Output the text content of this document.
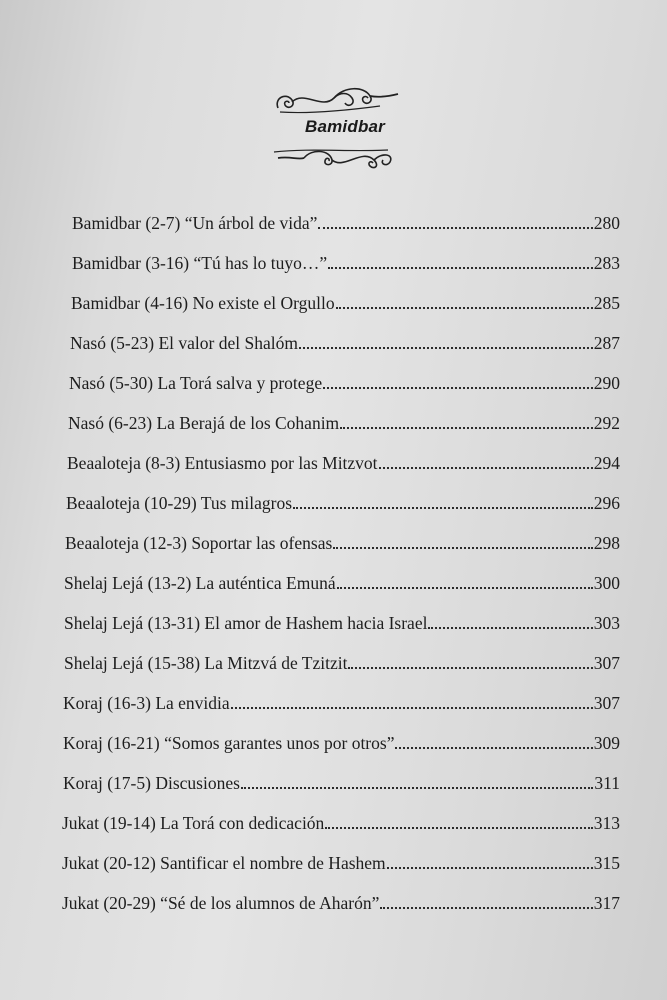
Bamidbar
Bamidbar (2-7) “Un árbol de vida”	280
Bamidbar (3-16) “Tú has lo tuyo…”	283
Bamidbar (4-16) No existe el Orgullo	285
Nasó (5-23) El valor del Shalóm	287
Nasó (5-30) La Torá salva y protege	290
Nasó (6-23) La Berajá de los Cohanim	292
Beaaloteja (8-3) Entusiasmo por las Mitzvot	294
Beaaloteja (10-29) Tus milagros	296
Beaaloteja (12-3) Soportar las ofensas	298
Shelaj Lejá (13-2) La auténtica Emuná	300
Shelaj Lejá (13-31) El amor de Hashem hacia Israel	303
Shelaj Lejá (15-38) La Mitzvá de Tzitzit	307
Koraj (16-3) La envidia	307
Koraj (16-21) “Somos garantes unos por otros”	309
Koraj (17-5) Discusiones	311
Jukat (19-14) La Torá con dedicación	313
Jukat (20-12) Santificar el nombre de Hashem	315
Jukat (20-29) “Sé de los alumnos de Aharón”	317
